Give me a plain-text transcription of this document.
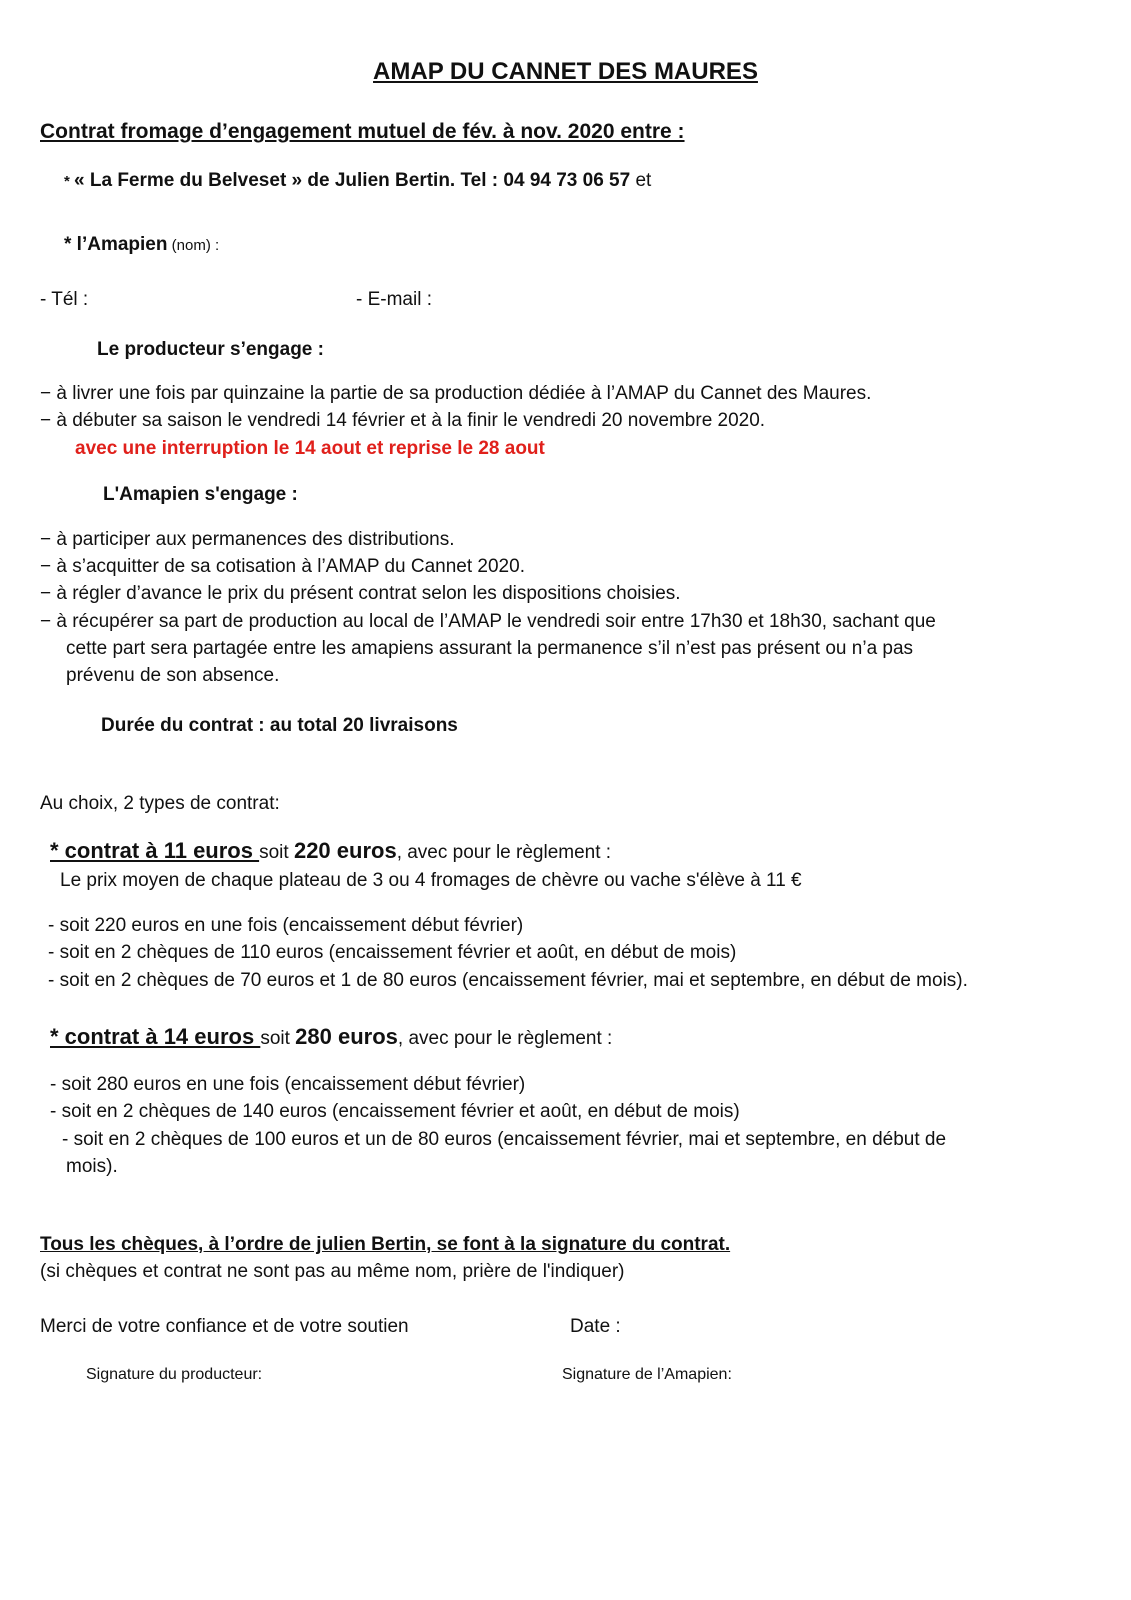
AMAP DU CANNET DES MAURES
Contrat fromage d’engagement mutuel de fév. à nov. 2020 entre :
* « La Ferme du Belveset » de Julien Bertin. Tel : 04 94 73 06 57 et
* l’Amapien (nom) :
- Tél :	- E-mail :
Le producteur s’engage :
− à livrer une fois par quinzaine la partie de sa production dédiée à l’AMAP du Cannet des Maures.
− à débuter sa saison le vendredi 14 février et à la finir le vendredi 20 novembre 2020.
avec une interruption le 14 aout et reprise le 28 aout
L'Amapien s'engage :
− à participer aux permanences des distributions.
− à s’acquitter de sa cotisation à l’AMAP du Cannet 2020.
− à régler d’avance le prix du présent contrat selon les dispositions choisies.
− à récupérer sa part de production au local de l’AMAP le vendredi soir entre 17h30 et 18h30, sachant que
cette part sera partagée entre les amapiens assurant la permanence s’il n’est pas présent ou n’a pas
prévenu de son absence.
Durée du contrat : au total 20 livraisons
Au choix, 2 types de contrat:
* contrat à 11 euros soit 220 euros, avec pour le règlement :
Le prix moyen de chaque plateau de 3 ou 4 fromages de chèvre ou vache s'élève à 11 €
- soit 220 euros en une fois (encaissement début février)
- soit en 2 chèques de 110 euros (encaissement février et août, en début de mois)
- soit en 2 chèques de 70 euros et 1 de 80 euros (encaissement février, mai et septembre, en début de mois).
* contrat à 14 euros soit 280 euros, avec pour le règlement :
- soit 280 euros en une fois (encaissement début février)
- soit en 2 chèques de 140 euros (encaissement février et août, en début de mois)
- soit en 2 chèques de 100 euros et un de 80 euros (encaissement février, mai et septembre, en début de
mois).
Tous les chèques, à l’ordre de julien Bertin, se font à la signature du contrat.
(si chèques et contrat ne sont pas au même nom, prière de l'indiquer)
Merci de votre confiance et de votre soutien	Date :
Signature du producteur:	Signature de l’Amapien:
